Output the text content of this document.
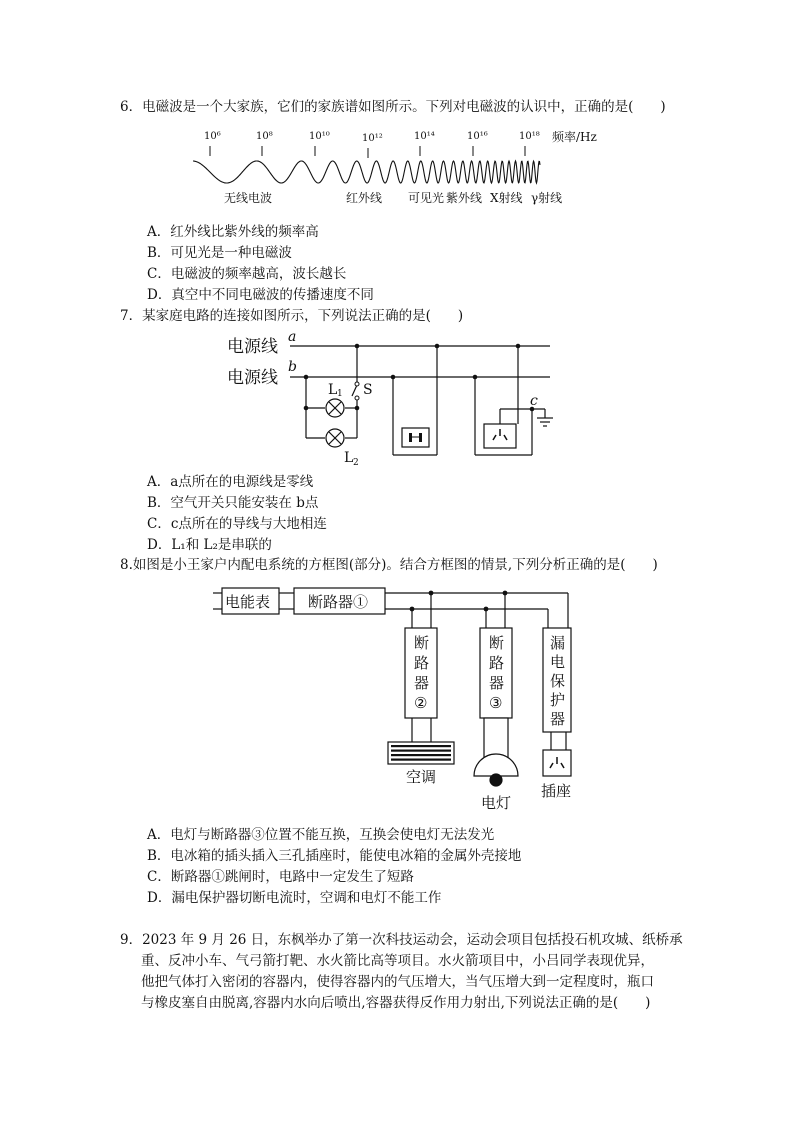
6．电磁波是一个大家族，它们的家族谱如图所示。下列对电磁波的认识中，正确的是(　　)
10⁶	10⁸	10¹⁰	10¹²	10¹⁴	10¹⁶	10¹⁸ 频率/Hz
无线电波	红外线 可见光 紫外线 X射线 γ射线
A．红外线比紫外线的频率高
B．可见光是一种电磁波
C．电磁波的频率越高，波长越长
D．真空中不同电磁波的传播速度不同
7．某家庭电路的连接如图所示，下列说法正确的是(　　)
电源线
电源线
a
b
c
L 1
L 2
S
A．a点所在的电源线是零线
B．空气开关只能安装在 b点
C．c点所在的导线与大地相连
D．L₁和 L₂是串联的
8.如图是小王家户内配电系统的方框图(部分)。结合方框图的情景,下列分析正确的是(　　)
电能表	断路器①
断
路
器
②
断
路
器
③
漏
电
保
护
器
空调
电灯
插座
A．电灯与断路器③位置不能互换，互换会使电灯无法发光
B．电冰箱的插头插入三孔插座时，能使电冰箱的金属外壳接地
C．断路器①跳闸时，电路中一定发生了短路
D．漏电保护器切断电流时，空调和电灯不能工作
9．2023 年 9 月 26 日，东枫举办了第一次科技运动会，运动会项目包括投石机攻城、纸桥承
重、反冲小车、气弓箭打靶、水火箭比高等项目。水火箭项目中，小吕同学表现优异，
他把气体打入密闭的容器内，使得容器内的气压增大，当气压增大到一定程度时，瓶口
与橡皮塞自由脱离,容器内水向后喷出,容器获得反作用力射出,下列说法正确的是(　　)
